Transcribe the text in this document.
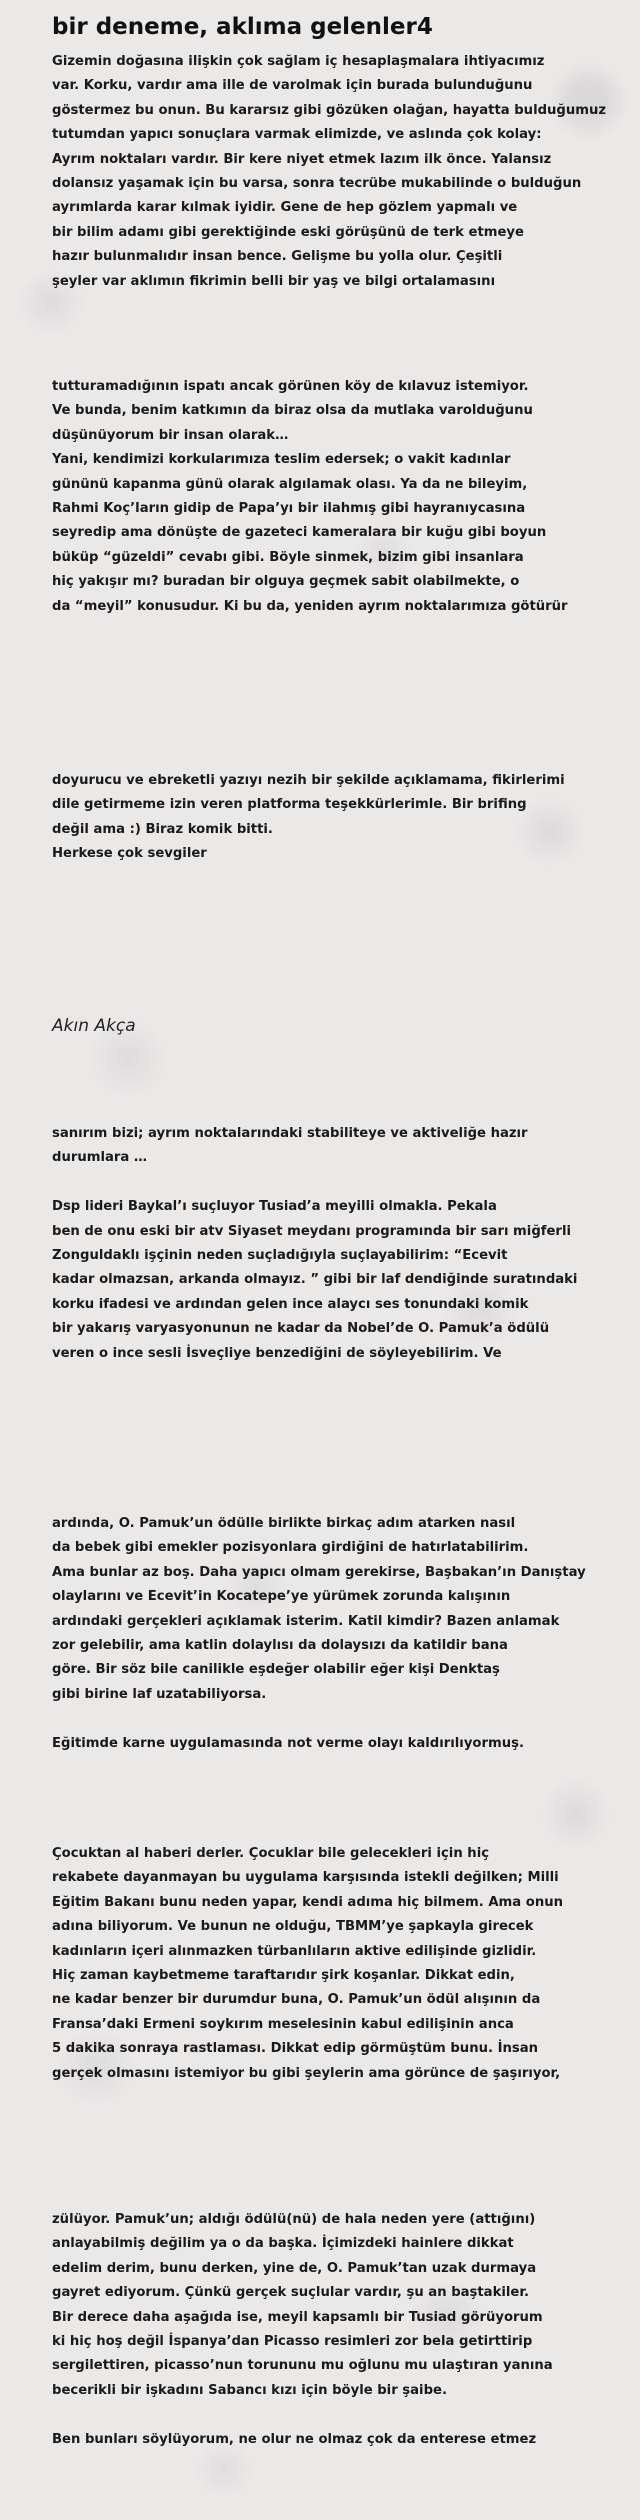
bir deneme, aklıma gelenler4
Gizemin doğasına ilişkin çok sağlam iç hesaplaşmalara ihtiyacımız
var. Korku, vardır ama ille de varolmak için burada bulunduğunu
göstermez bu onun. Bu kararsız gibi gözüken olağan, hayatta bulduğumuz
tutumdan yapıcı sonuçlara varmak elimizde, ve aslında çok kolay:
Ayrım noktaları vardır. Bir kere niyet etmek lazım ilk önce. Yalansız
dolansız yaşamak için bu varsa, sonra tecrübe mukabilinde o bulduğun
ayrımlarda karar kılmak iyidir. Gene de hep gözlem yapmalı ve
bir bilim adamı gibi gerektiğinde eski görüşünü de terk etmeye
hazır bulunmalıdır insan bence. Gelişme bu yolla olur. Çeşitli
şeyler var aklımın fikrimin belli bir yaş ve bilgi ortalamasını
tutturamadığının ispatı ancak görünen köy de kılavuz istemiyor.
Ve bunda, benim katkımın da biraz olsa da mutlaka varolduğunu
düşünüyorum bir insan olarak…
Yani, kendimizi korkularımıza teslim edersek; o vakit kadınlar
gününü kapanma günü olarak algılamak olası. Ya da ne bileyim,
Rahmi Koç’ların gidip de Papa’yı bir ilahmış gibi hayranıycasına
seyredip ama dönüşte de gazeteci kameralara bir kuğu gibi boyun
büküp “güzeldi” cevabı gibi. Böyle sinmek, bizim gibi insanlara
hiç yakışır mı? buradan bir olguya geçmek sabit olabilmekte, o
da “meyil” konusudur. Ki bu da, yeniden ayrım noktalarımıza götürür
doyurucu ve ebreketli yazıyı nezih bir şekilde açıklamama, fikirlerimi
dile getirmeme izin veren platforma teşekkürlerimle. Bir brifing
değil ama :) Biraz komik bitti.
Herkese çok sevgiler
Akın Akça
sanırım bizi; ayrım noktalarındaki stabiliteye ve aktiveliğe hazır
durumlara …
Dsp lideri Baykal’ı suçluyor Tusiad’a meyilli olmakla. Pekala
ben de onu eski bir atv Siyaset meydanı programında bir sarı miğferli
Zonguldaklı işçinin neden suçladığıyla suçlayabilirim: “Ecevit
kadar olmazsan, arkanda olmayız. ” gibi bir laf dendiğinde suratındaki
korku ifadesi ve ardından gelen ince alaycı ses tonundaki komik
bir yakarış varyasyonunun ne kadar da Nobel’de O. Pamuk’a ödülü
veren o ince sesli İsveçliye benzediğini de söyleyebilirim. Ve
ardında, O. Pamuk’un ödülle birlikte birkaç adım atarken nasıl
da bebek gibi emekler pozisyonlara girdiğini de hatırlatabilirim.
Ama bunlar az boş. Daha yapıcı olmam gerekirse, Başbakan’ın Danıştay
olaylarını ve Ecevit’in Kocatepe’ye yürümek zorunda kalışının
ardındaki gerçekleri açıklamak isterim. Katil kimdir? Bazen anlamak
zor gelebilir, ama katlin dolaylısı da dolaysızı da katildir bana
göre. Bir söz bile canilikle eşdeğer olabilir eğer kişi Denktaş
gibi birine laf uzatabiliyorsa.
Eğitimde karne uygulamasında not verme olayı kaldırılıyormuş.
Çocuktan al haberi derler. Çocuklar bile gelecekleri için hiç
rekabete dayanmayan bu uygulama karşısında istekli değilken; Milli
Eğitim Bakanı bunu neden yapar, kendi adıma hiç bilmem. Ama onun
adına biliyorum. Ve bunun ne olduğu, TBMM’ye şapkayla girecek
kadınların içeri alınmazken türbanlıların aktive edilişinde gizlidir.
Hiç zaman kaybetmeme taraftarıdır şirk koşanlar. Dikkat edin,
ne kadar benzer bir durumdur buna, O. Pamuk’un ödül alışının da
Fransa’daki Ermeni soykırım meselesinin kabul edilişinin anca
5 dakika sonraya rastlaması. Dikkat edip görmüştüm bunu. İnsan
gerçek olmasını istemiyor bu gibi şeylerin ama görünce de şaşırıyor,
zülüyor. Pamuk’un; aldığı ödülü(nü) de hala neden yere (attığını)
anlayabilmiş değilim ya o da başka. İçimizdeki hainlere dikkat
edelim derim, bunu derken, yine de, O. Pamuk’tan uzak durmaya
gayret ediyorum. Çünkü gerçek suçlular vardır, şu an baştakiler.
Bir derece daha aşağıda ise, meyil kapsamlı bir Tusiad görüyorum
ki hiç hoş değil İspanya’dan Picasso resimleri zor bela getirttirip
sergilettiren, picasso’nun torununu mu oğlunu mu ulaştıran yanına
becerikli bir işkadını Sabancı kızı için böyle bir şaibe.
Ben bunları söylüyorum, ne olur ne olmaz çok da enterese etmez
